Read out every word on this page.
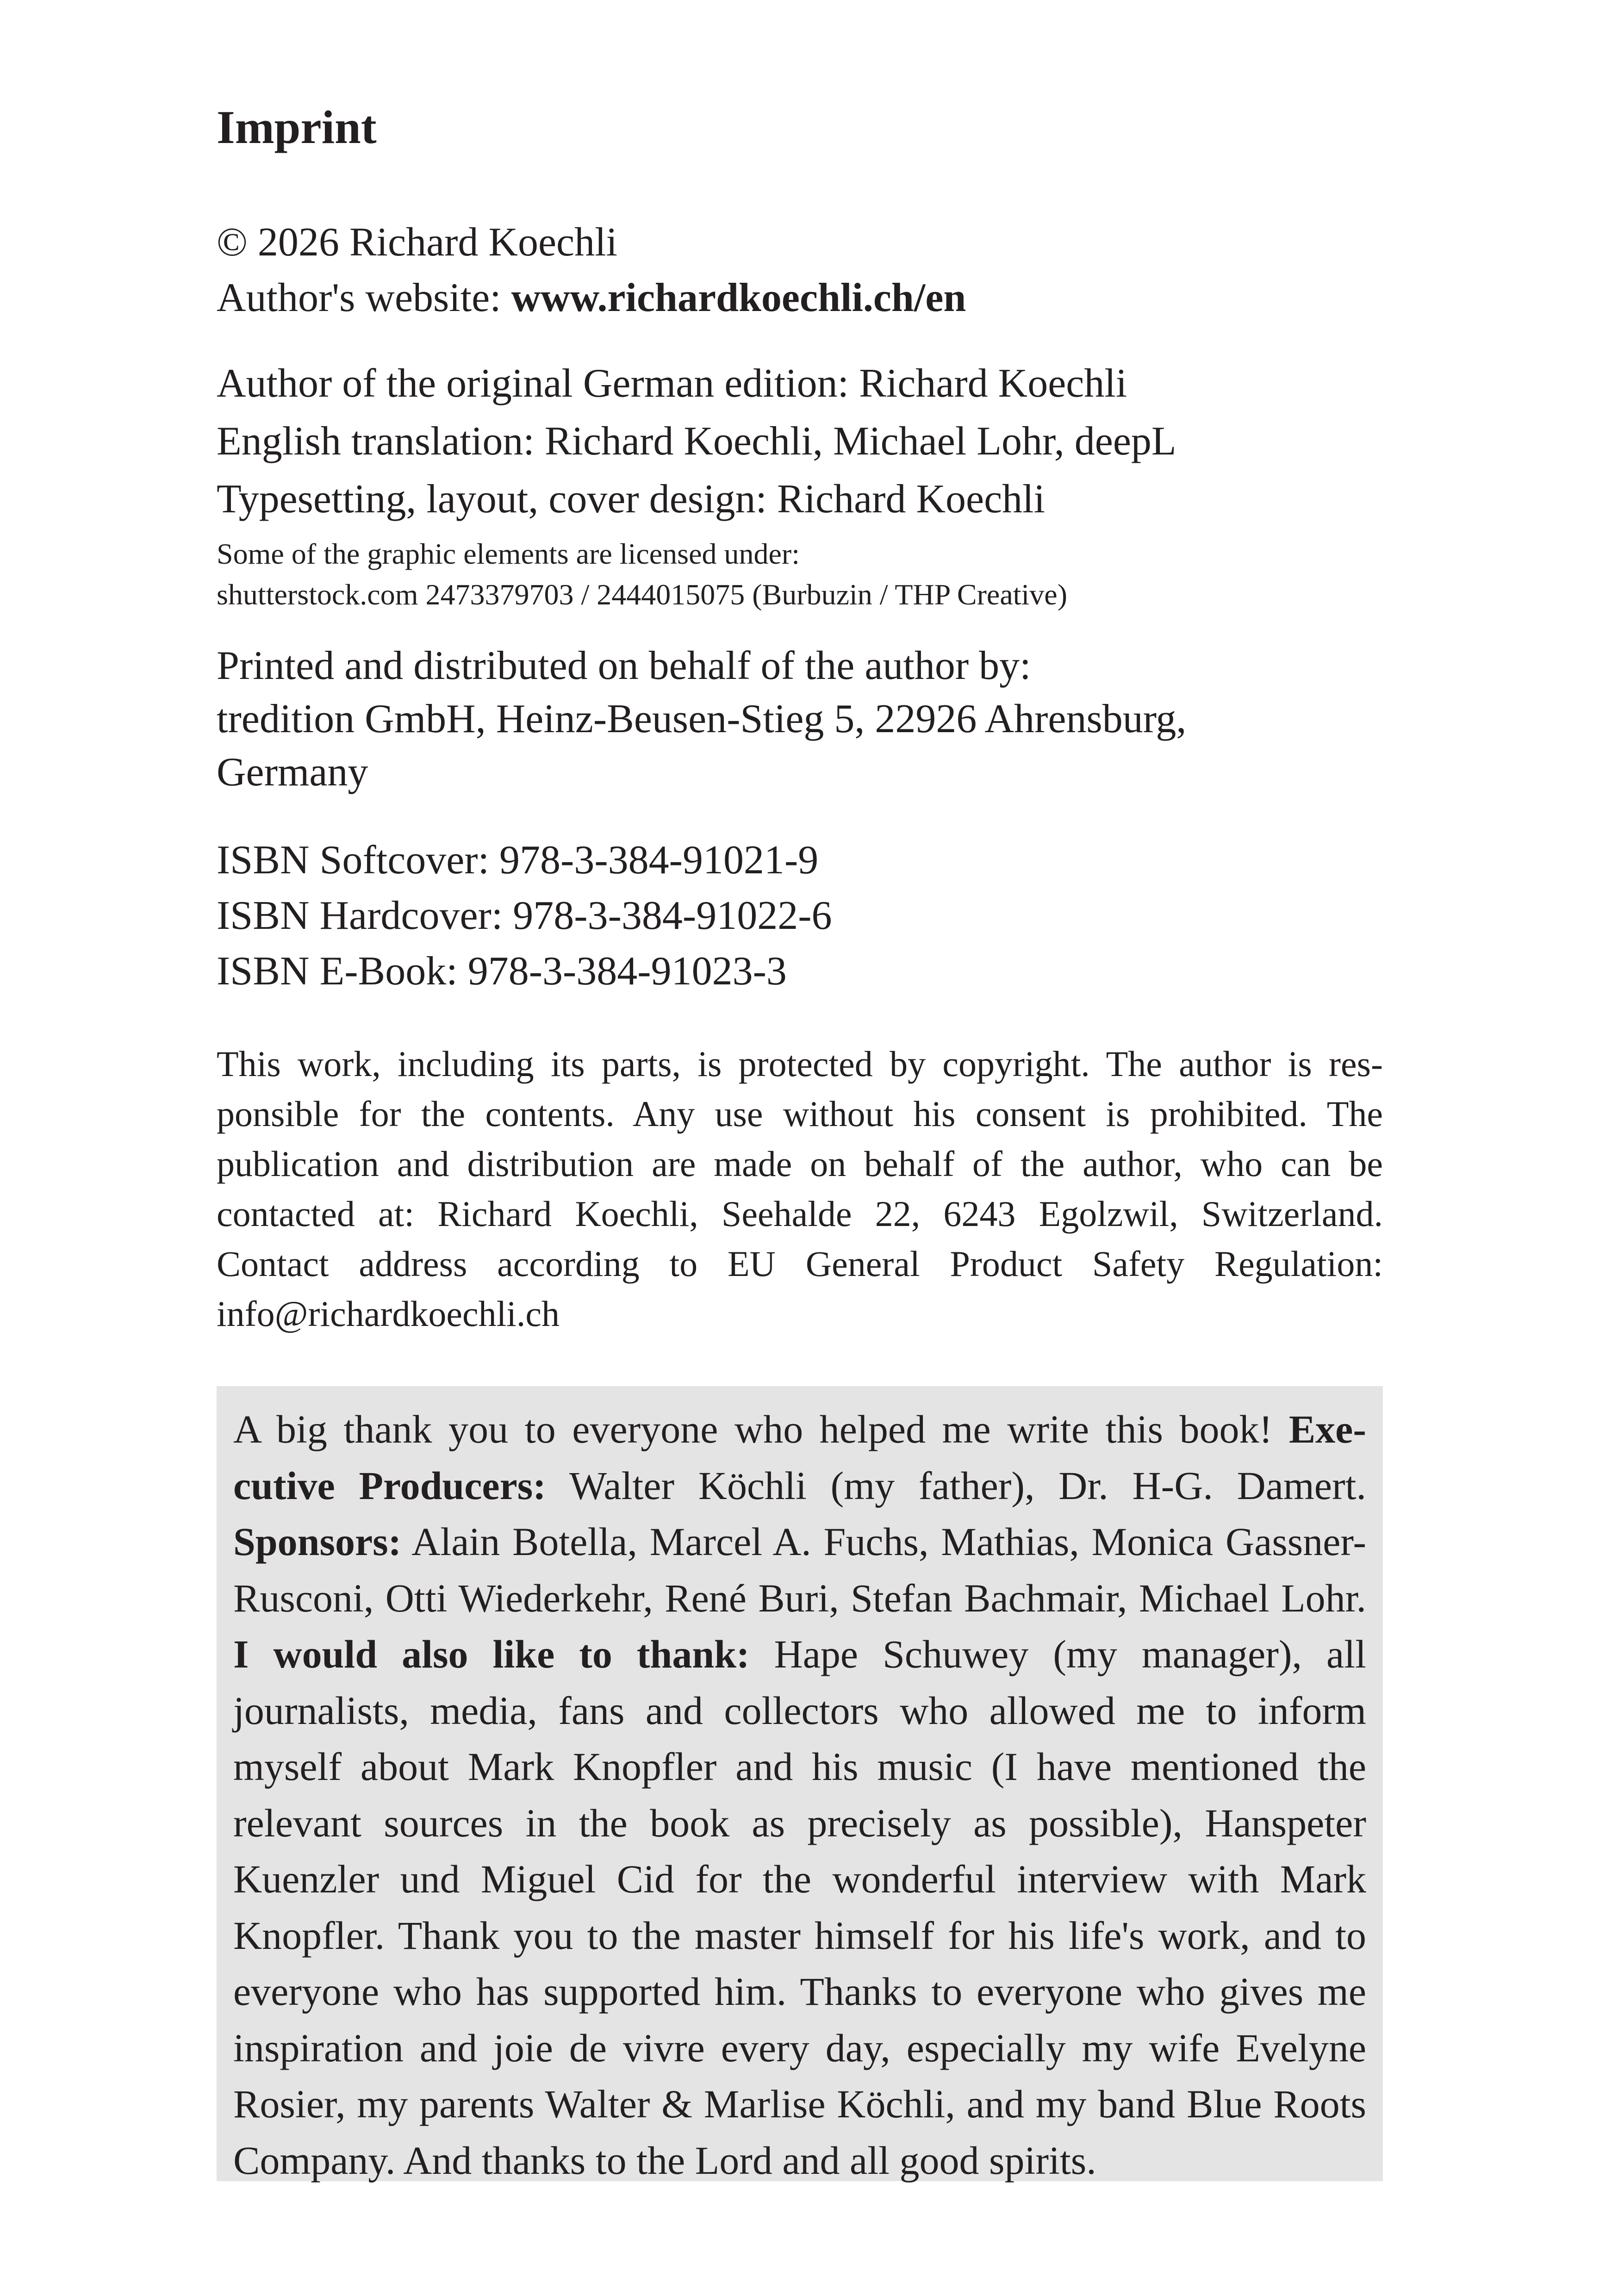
Imprint
© 2026 Richard Koechli
Author's website: www.richardkoechli.ch/en
Author of the original German edition: Richard Koechli
English translation: Richard Koechli, Michael Lohr, deepL
Typesetting, layout, cover design: Richard Koechli
Some of the graphic elements are licensed under:
shutterstock.com 2473379703 / 2444015075 (Burbuzin / THP Creative)
Printed and distributed on behalf of the author by:
tredition GmbH, Heinz-Beusen-Stieg 5, 22926 Ahrensburg,
Germany
ISBN Softcover: 978-3-384-91021-9
ISBN Hardcover: 978-3-384-91022-6
ISBN E-Book: 978-3-384-91023-3

This work, including its parts, is protected by copyright. The author is responsible for the contents. Any use without his consent is prohibited. The publication and distribution are made on behalf of the author, who can be contacted at: Richard Koechli, Seehalde 22, 6243 Egolzwil, Switzerland. Contact address according to EU General Product Safety Regulation: info@richardkoechli.ch

A big thank you to everyone who helped me write this book! Executive Producers: Walter Köchli (my father), Dr. H-G. Damert. Sponsors: Alain Botella, Marcel A. Fuchs, Mathias, Monica Gassner-Rusconi, Otti Wiederkehr, René Buri, Stefan Bachmair, Michael Lohr. I would also like to thank: Hape Schuwey (my manager), all journalists, media, fans and collectors who allowed me to inform myself about Mark Knopfler and his music (I have mentioned the relevant sources in the book as precisely as possible), Hanspeter Kuenzler und Miguel Cid for the wonderful interview with Mark Knopfler. Thank you to the master himself for his life's work, and to everyone who has supported him. Thanks to everyone who gives me inspiration and joie de vivre every day, especially my wife Evelyne Rosier, my parents Walter & Marlise Köchli, and my band Blue Roots Company. And thanks to the Lord and all good spirits.
